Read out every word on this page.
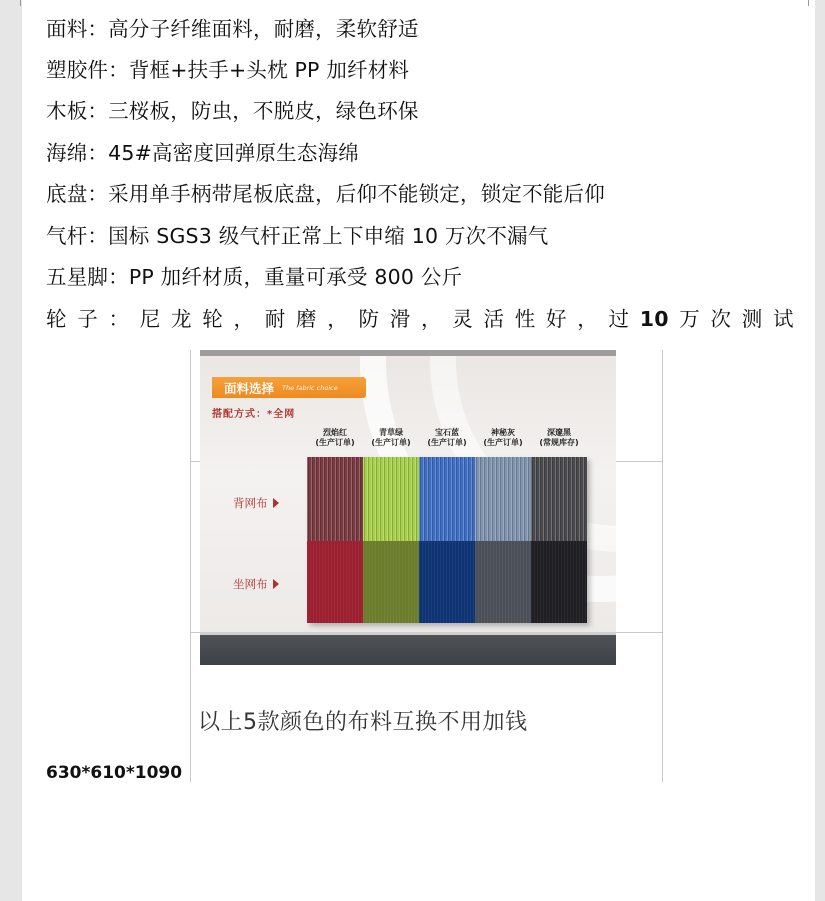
面料：高分子纤维面料，耐磨，柔软舒适
塑胶件：背框+扶手+头枕 PP 加纤材料
木板：三桜板，防虫，不脱皮，绿色环保
海绵：45#高密度回弹原生态海绵
底盘：采用单手柄带尾板底盘，后仰不能锁定，锁定不能后仰
气杆：国标 SGS3 级气杆正常上下申缩 10 万次不漏气
五星脚：PP 加纤材质，重量可承受 800 公斤
轮 子 ： 尼 龙 轮 ， 耐 磨 ， 防 滑 ， 灵 活 性 好 ， 过 10 万 次 测 试
面料选择 The fabric choice
搭配方式：*全网
烈焰红
(生产订单)
青草绿
(生产订单)
宝石蓝
(生产订单)
神秘灰
(生产订单)
深邃黑
(常规库存)
背网布
坐网布
以上5款颜色的布料互换不用加钱
630*610*1090
